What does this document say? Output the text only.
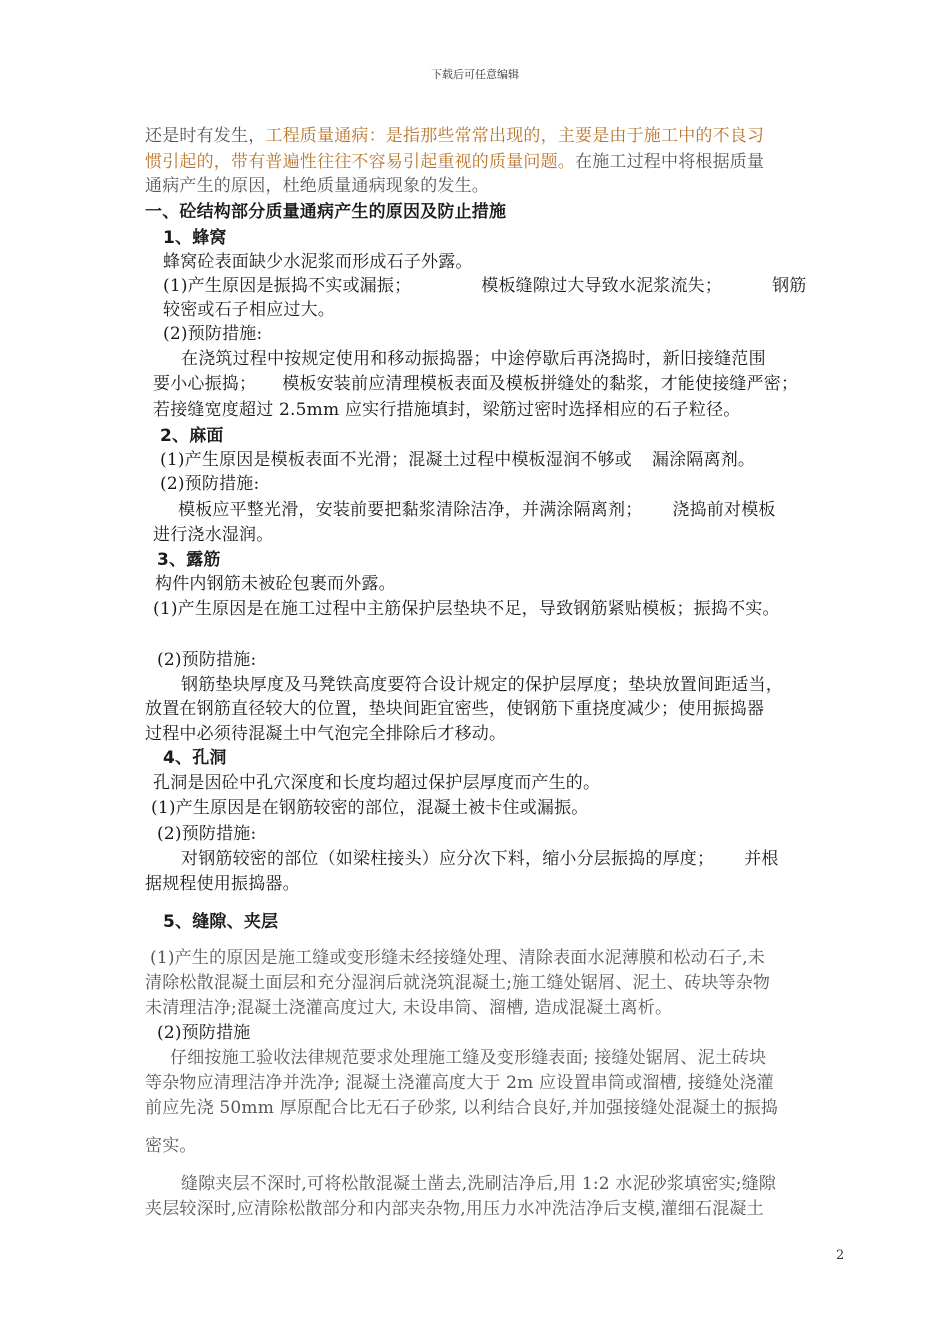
下载后可任意编辑
还是时有发生，工程质量通病：是指那些常常出现的，主要是由于施工中的不良习
惯引起的，带有普遍性往往不容易引起重视的质量问题。在施工过程中将根据质量
通病产生的原因，杜绝质量通病现象的发生。
一、砼结构部分质量通病产生的原因及防止措施
1、蜂窝
蜂窝砼表面缺少水泥浆而形成石子外露。
(1)产生原因是振捣不实或漏振；	模板缝隙过大导致水泥浆流失；	钢筋
较密或石子相应过大。
(2)预防措施:
在浇筑过程中按规定使用和移动振捣器；中途停歇后再浇捣时，新旧接缝范围
要小心振捣； 模板安装前应清理模板表面及模板拼缝处的黏浆，才能使接缝严密；
若接缝宽度超过 2.5mm 应实行措施填封，梁筋过密时选择相应的石子粒径。
2、麻面
(1)产生原因是模板表面不光滑；混凝土过程中模板湿润不够或 漏涂隔离剂。
(2)预防措施:
模板应平整光滑，安装前要把黏浆清除洁净，并满涂隔离剂； 浇捣前对模板
进行浇水湿润。
3、露筋
构件内钢筋未被砼包裹而外露。
(1)产生原因是在施工过程中主筋保护层垫块不足，导致钢筋紧贴模板；振捣不实。
(2)预防措施:
钢筋垫块厚度及马凳铁高度要符合设计规定的保护层厚度；垫块放置间距适当，
放置在钢筋直径较大的位置，垫块间距宜密些，使钢筋下重挠度减少；使用振捣器
过程中必须待混凝土中气泡完全排除后才移动。
4、孔洞
孔洞是因砼中孔穴深度和长度均超过保护层厚度而产生的。
(1)产生原因是在钢筋较密的部位，混凝土被卡住或漏振。
(2)预防措施:
对钢筋较密的部位（如梁柱接头）应分次下料，缩小分层振捣的厚度； 并根
据规程使用振捣器。
5、缝隙、夹层
(1)产生的原因是施工缝或变形缝未经接缝处理、清除表面水泥薄膜和松动石子,未
清除松散混凝土面层和充分湿润后就浇筑混凝土;施工缝处锯屑、泥土、砖块等杂物
未清理洁净;混凝土浇灌高度过大, 未设串筒、溜槽, 造成混凝土离析。
(2)预防措施
仔细按施工验收法律规范要求处理施工缝及变形缝表面; 接缝处锯屑、泥土砖块
等杂物应清理洁净并洗净; 混凝土浇灌高度大于 2m 应设置串筒或溜槽, 接缝处浇灌
前应先浇 50mm 厚原配合比无石子砂浆, 以利结合良好,并加强接缝处混凝土的振捣
密实。
缝隙夹层不深时,可将松散混凝土凿去,洗刷洁净后,用 1:2 水泥砂浆填密实;缝隙
夹层较深时,应清除松散部分和内部夹杂物,用压力水冲洗洁净后支模,灌细石混凝土
2
